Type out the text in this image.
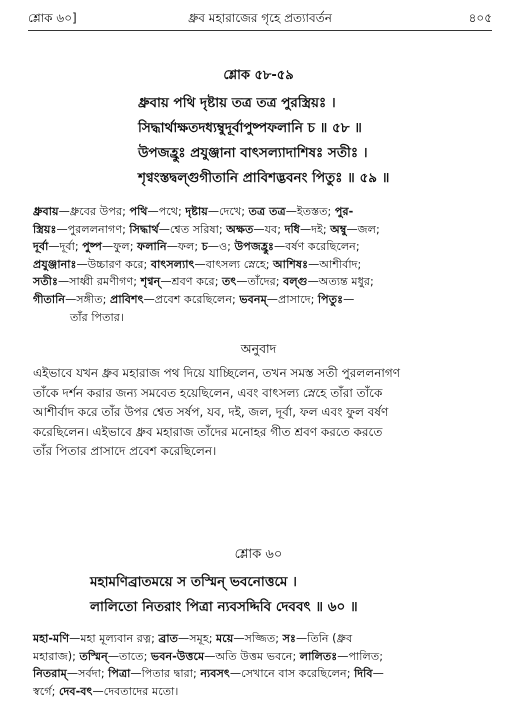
শ্লোক ৬০]	ধ্রুব মহারাজের গৃহে প্রত্যাবর্তন	৪০৫
শ্লোক ৫৮-৫৯
ধ্রুবায় পথি দৃষ্টায় তত্র তত্র পুরস্ত্রিয়ঃ ।
সিদ্ধার্থাক্ষতদধ্যম্বুদূর্বাপুষ্পফলানি চ ॥ ৫৮ ॥
উপজহ্রুঃ প্রযুঞ্জানা বাৎসল্যাদাশিষঃ সতীঃ ।
শৃণ্বংস্তদ্বল্গুগীতানি প্রাবিশদ্ভবনং পিতুঃ ॥ ৫৯ ॥
ধ্রুবায়—ধ্রুবের উপর; পথি—পথে; দৃষ্টায়—দেখে; তত্র তত্র—ইতস্তত; পুর-
স্ত্রিয়ঃ—পুরললনাগণ; সিদ্ধার্থ—শ্বেত সরিষা; অক্ষত—যব; দধি—দই; অম্বু—জল;
দূর্বা—দূর্বা; পুষ্প—ফুল; ফলানি—ফল; চ—ও; উপজহ্রুঃ—বর্ষণ করেছিলেন;
প্রযুঞ্জানাঃ—উচ্চারণ করে; বাৎসল্যাৎ—বাৎসল্য স্নেহে; আশিষঃ—আশীর্বাদ;
সতীঃ—সাধ্বী রমণীগণ; শৃণ্বন্—শ্রবণ করে; তৎ—তাঁদের; বল্গু—অত্যন্ত মধুর;
গীতানি—সঙ্গীত; প্রাবিশৎ—প্রবেশ করেছিলেন; ভবনম্—প্রাসাদে; পিতুঃ—
তাঁর পিতার।
অনুবাদ
এইভাবে যখন ধ্রুব মহারাজ পথ দিয়ে যাচ্ছিলেন, তখন সমস্ত সতী পুরললনাগণ
তাঁকে দর্শন করার জন্য সমবেত হয়েছিলেন, এবং বাৎসল্য স্নেহে তাঁরা তাঁকে
আশীর্বাদ করে তাঁর উপর শ্বেত সর্ষপ, যব, দই, জল, দূর্বা, ফল এবং ফুল বর্ষণ
করেছিলেন। এইভাবে ধ্রুব মহারাজ তাঁদের মনোহর গীত শ্রবণ করতে করতে
তাঁর পিতার প্রাসাদে প্রবেশ করেছিলেন।
শ্লোক ৬০
মহামণিব্রাতময়ে স তস্মিন্ ভবনোত্তমে ।
লালিতো নিতরাং পিত্রা ন্যবসদ্দিবি দেববৎ ॥ ৬০ ॥
মহা-মণি—মহা মূল্যবান রত্ন; ব্রাত—সমূহ; ময়ে—সজ্জিত; সঃ—তিনি (ধ্রুব
মহারাজ); তস্মিন্—তাতে; ভবন-উত্তমে—অতি উত্তম ভবনে; লালিতঃ—পালিত;
নিতরাম্—সর্বদা; পিত্রা—পিতার দ্বারা; ন্যবসৎ—সেখানে বাস করেছিলেন; দিবি—
স্বর্গে; দেব-বৎ—দেবতাদের মতো।
